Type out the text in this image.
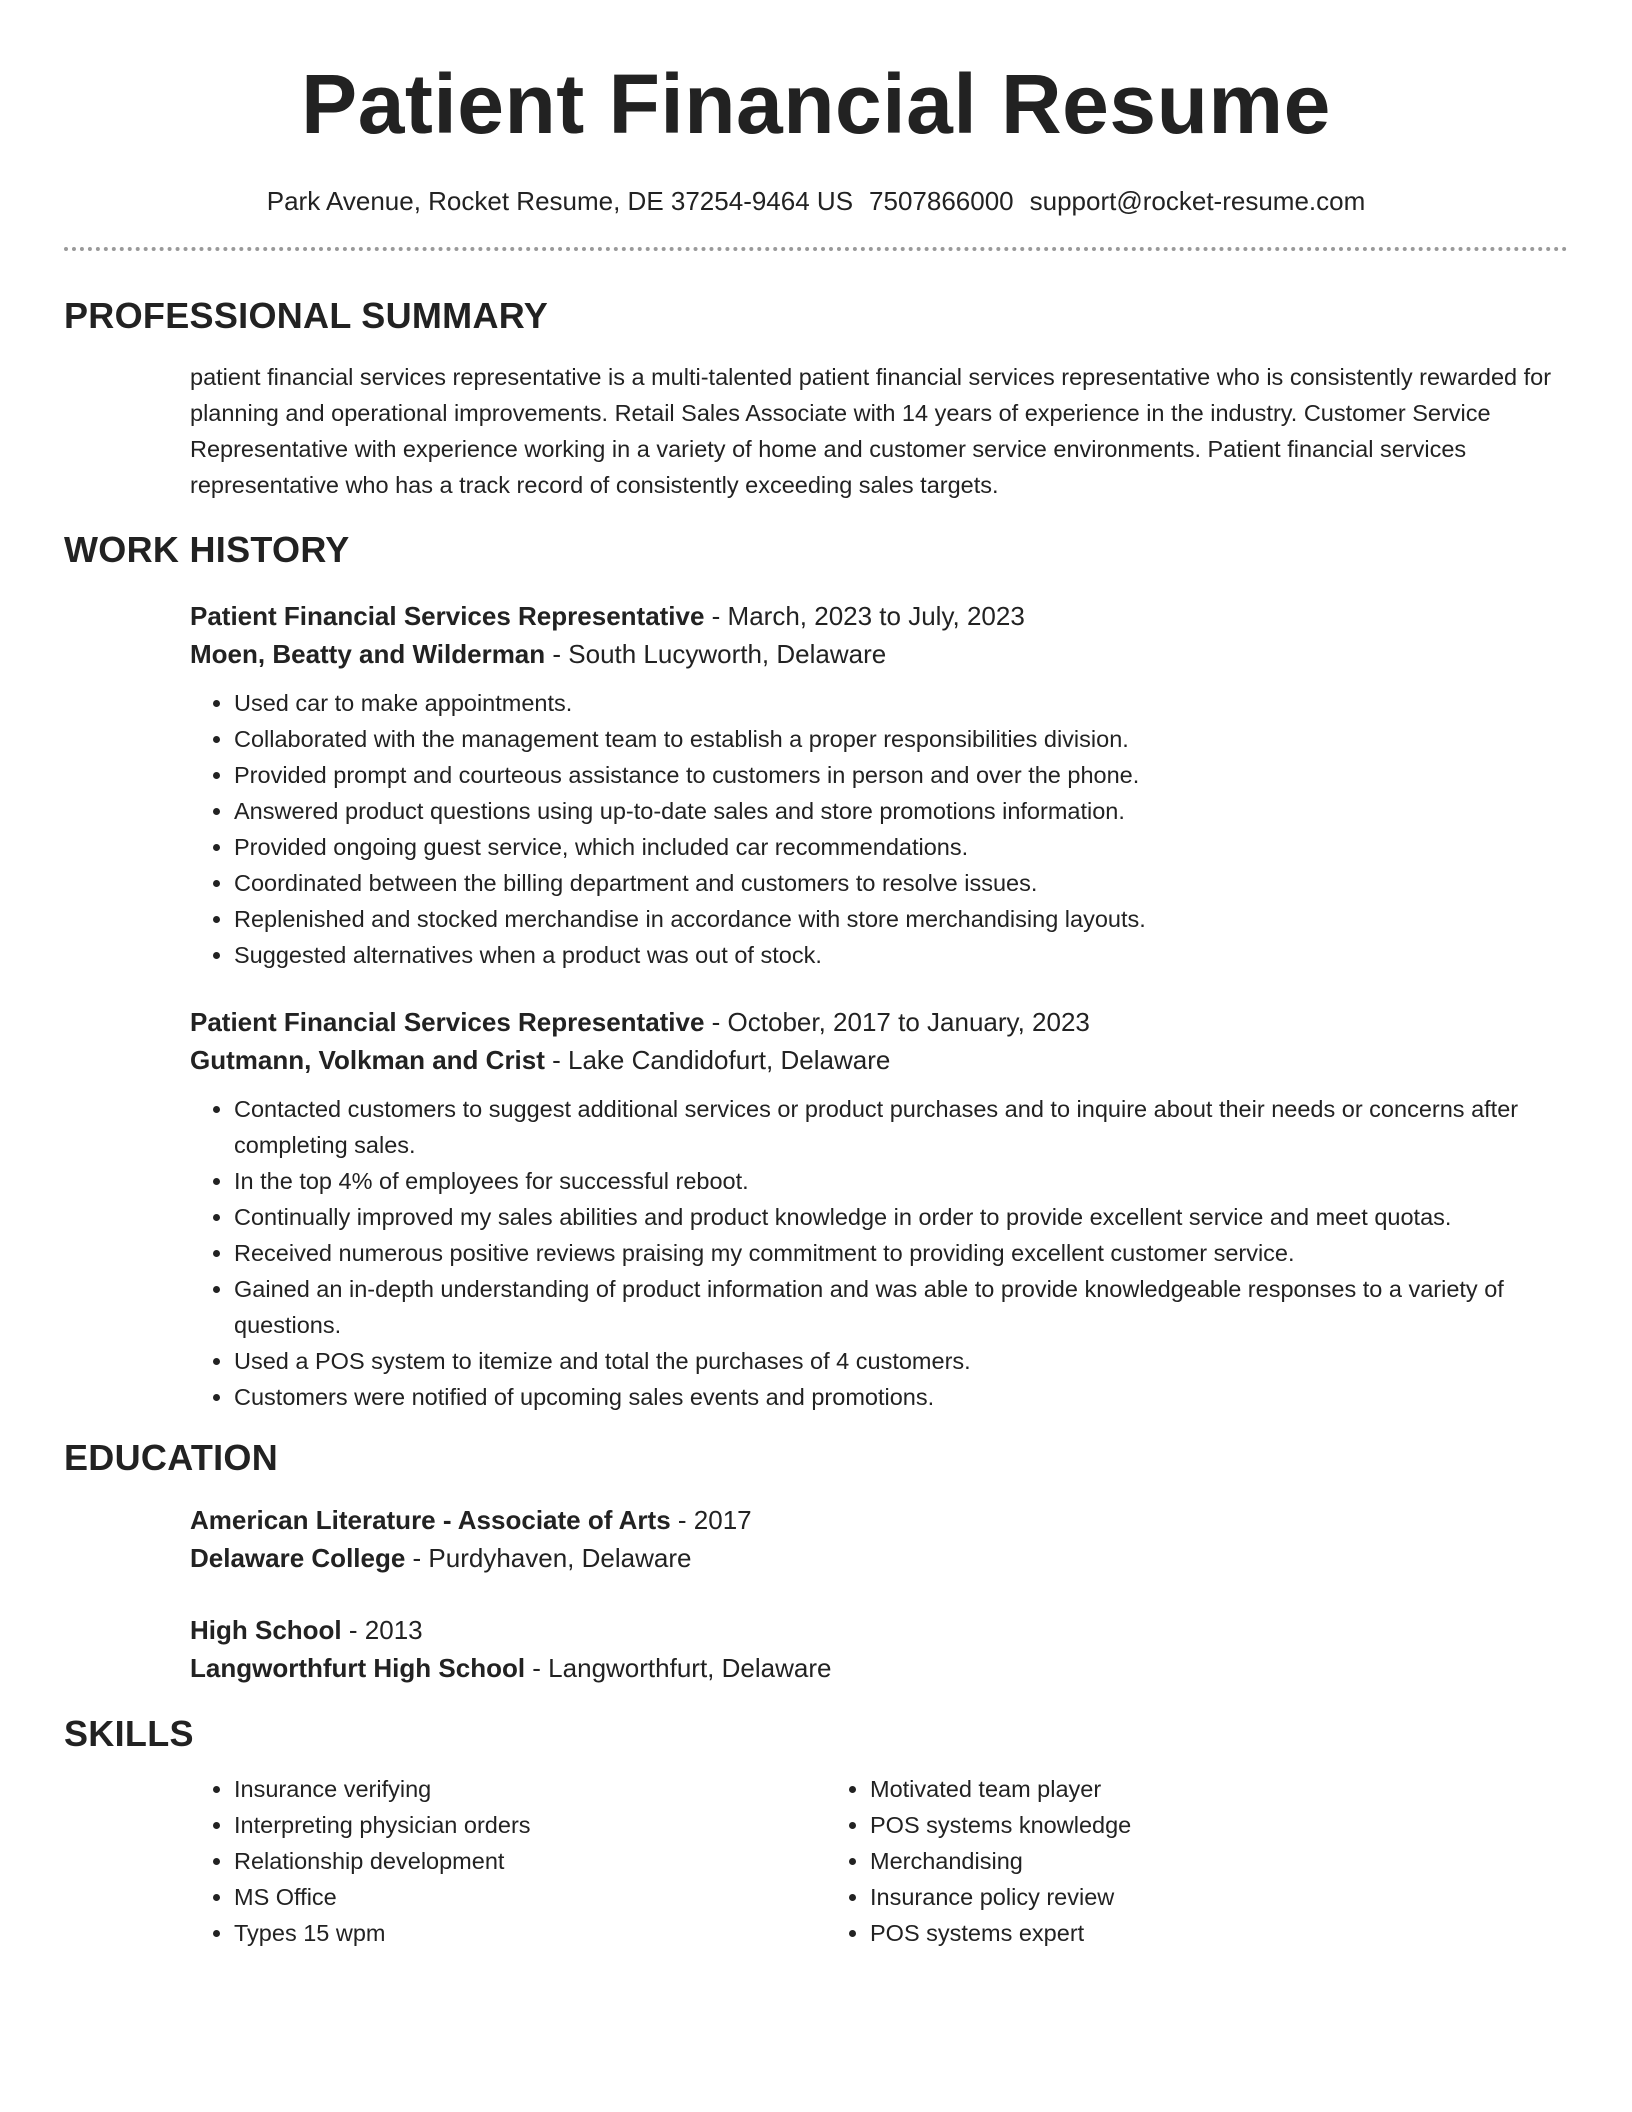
Patient Financial Resume
Park Avenue, Rocket Resume, DE 37254-9464 US 7507866000 support@rocket-resume.com
PROFESSIONAL SUMMARY

patient financial services representative is a multi-talented patient financial services representative who is consistently rewarded for planning and operational improvements. Retail Sales Associate with 14 years of experience in the industry. Customer Service Representative with experience working in a variety of home and customer service environments. Patient financial services representative who has a track record of consistently exceeding sales targets.

WORK HISTORY
Patient Financial Services Representative - March, 2023 to July, 2023
Moen, Beatty and Wilderman - South Lucyworth, Delaware
• Used car to make appointments.
• Collaborated with the management team to establish a proper responsibilities division.
• Provided prompt and courteous assistance to customers in person and over the phone.
• Answered product questions using up-to-date sales and store promotions information.
• Provided ongoing guest service, which included car recommendations.
• Coordinated between the billing department and customers to resolve issues.
• Replenished and stocked merchandise in accordance with store merchandising layouts.
• Suggested alternatives when a product was out of stock.
Patient Financial Services Representative - October, 2017 to January, 2023
Gutmann, Volkman and Crist - Lake Candidofurt, Delaware
• Contacted customers to suggest additional services or product purchases and to inquire about their needs or concerns after completing sales.
• In the top 4% of employees for successful reboot.
• Continually improved my sales abilities and product knowledge in order to provide excellent service and meet quotas.
• Received numerous positive reviews praising my commitment to providing excellent customer service.
• Gained an in-depth understanding of product information and was able to provide knowledgeable responses to a variety of questions.
• Used a POS system to itemize and total the purchases of 4 customers.
• Customers were notified of upcoming sales events and promotions.
EDUCATION
American Literature - Associate of Arts - 2017
Delaware College - Purdyhaven, Delaware
High School - 2013
Langworthfurt High School - Langworthfurt, Delaware
SKILLS
• Insurance verifying
• Interpreting physician orders
• Relationship development
• MS Office
• Types 15 wpm
• Motivated team player
• POS systems knowledge
• Merchandising
• Insurance policy review
• POS systems expert
